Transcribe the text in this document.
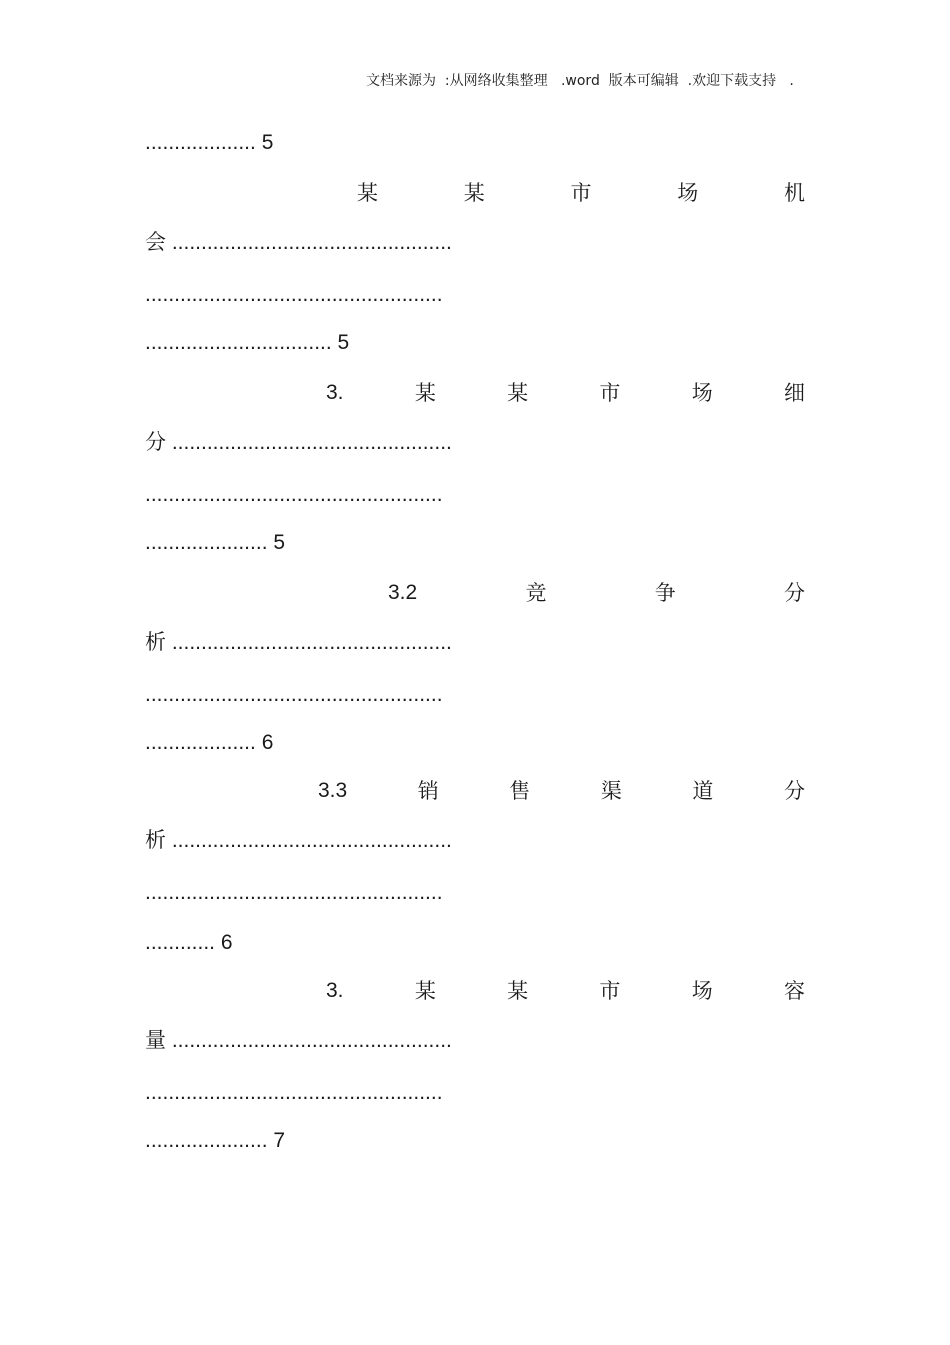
文档来源为  :从网络收集整理   .word  版本可编辑  .欢迎下载支持   .
................... 5
某	某	市	场	机
会 ................................................
...................................................
................................ 5
3.	某	某	市	场	细
分 ................................................
...................................................
..................... 5
3.2	竞	争	分
析 ................................................
...................................................
................... 6
3.3	销	售	渠	道	分
析 ................................................
...................................................
............ 6
3.	某	某	市	场	容
量 ................................................
...................................................
..................... 7
